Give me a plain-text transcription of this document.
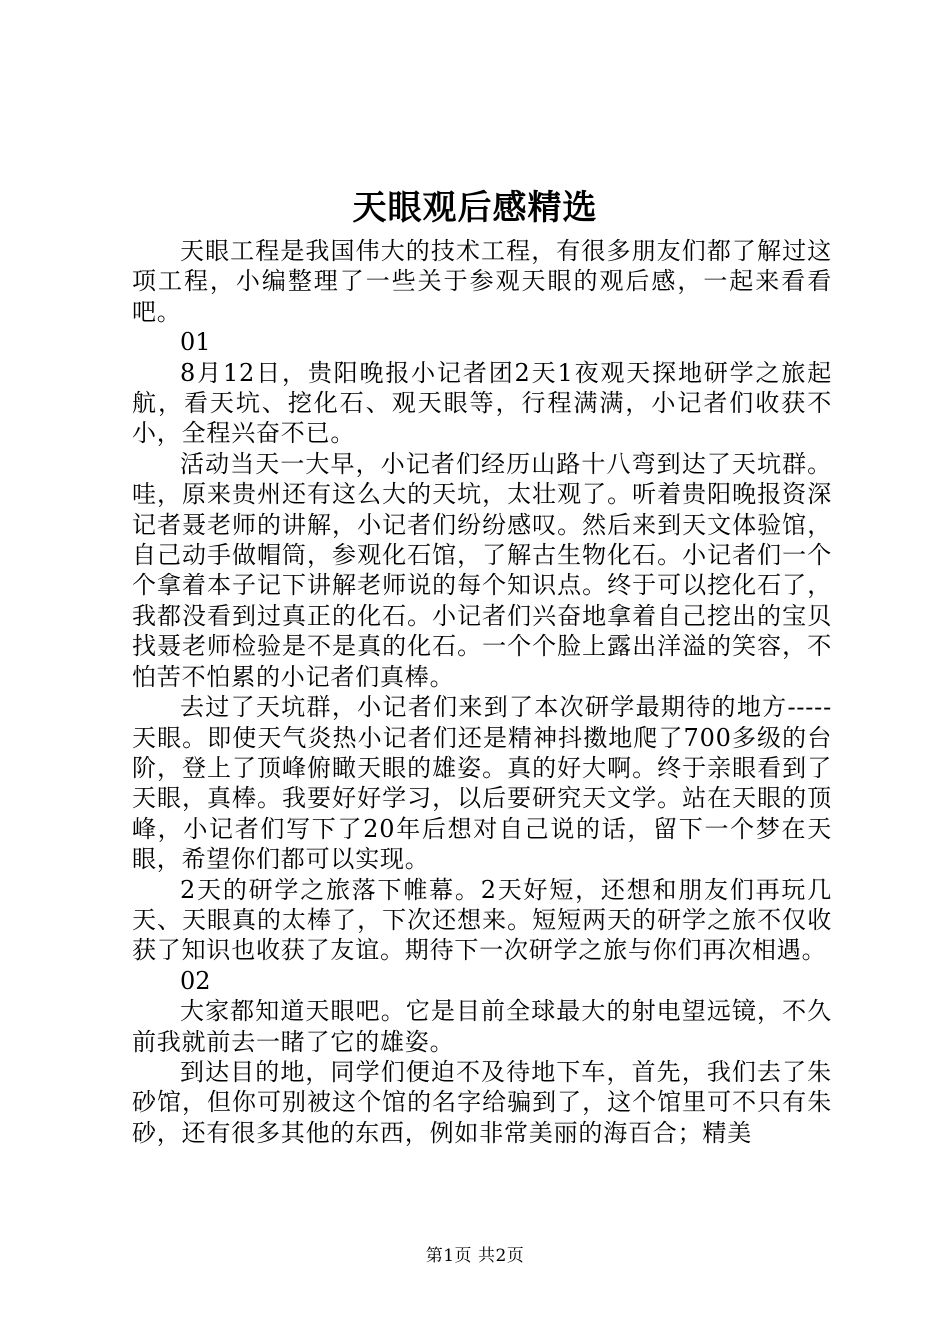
天眼观后感精选

天眼工程是我国伟大的技术工程，有很多朋友们都了解过这项工程，小编整理了一些关于参观天眼的观后感，一起来看看吧。

01

8月12日，贵阳晚报小记者团2天1夜观天探地研学之旅起航，看天坑、挖化石、观天眼等，行程满满，小记者们收获不小，全程兴奋不已。

活动当天一大早，小记者们经历山路十八弯到达了天坑群。哇，原来贵州还有这么大的天坑，太壮观了。听着贵阳晚报资深记者聂老师的讲解，小记者们纷纷感叹。然后来到天文体验馆，自己动手做帽筒，参观化石馆，了解古生物化石。小记者们一个个拿着本子记下讲解老师说的每个知识点。终于可以挖化石了，我都没看到过真正的化石。小记者们兴奋地拿着自己挖出的宝贝找聂老师检验是不是真的化石。一个个脸上露出洋溢的笑容，不怕苦不怕累的小记者们真棒。

去过了天坑群，小记者们来到了本次研学最期待的地方-----天眼。即使天气炎热小记者们还是精神抖擞地爬了700多级的台阶，登上了顶峰俯瞰天眼的雄姿。真的好大啊。终于亲眼看到了天眼，真棒。我要好好学习，以后要研究天文学。站在天眼的顶峰，小记者们写下了20年后想对自己说的话，留下一个梦在天眼，希望你们都可以实现。

2天的研学之旅落下帷幕。2天好短，还想和朋友们再玩几天、天眼真的太棒了，下次还想来。短短两天的研学之旅不仅收获了知识也收获了友谊。期待下一次研学之旅与你们再次相遇。

02

大家都知道天眼吧。它是目前全球最大的射电望远镜，不久前我就前去一睹了它的雄姿。

到达目的地，同学们便迫不及待地下车，首先，我们去了朱砂馆，但你可别被这个馆的名字给骗到了，这个馆里可不只有朱砂，还有很多其他的东西，例如非常美丽的海百合；精美

第1页 共2页
